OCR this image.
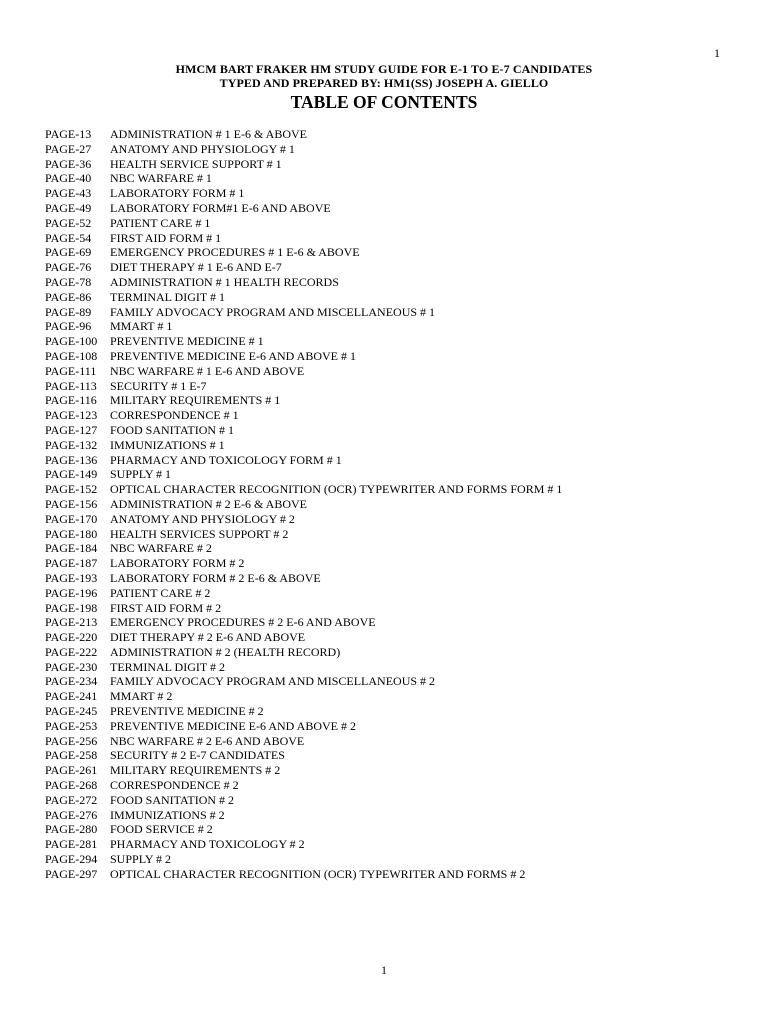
1
HMCM BART FRAKER HM STUDY GUIDE FOR E-1 TO E-7 CANDIDATES
TYPED AND PREPARED BY: HM1(SS) JOSEPH A. GIELLO
TABLE OF CONTENTS
PAGE-13	ADMINISTRATION # 1 E-6 & ABOVE
PAGE-27	ANATOMY AND PHYSIOLOGY # 1
PAGE-36	HEALTH SERVICE SUPPORT # 1
PAGE-40	NBC WARFARE # 1
PAGE-43	LABORATORY FORM # 1
PAGE-49	LABORATORY FORM#1 E-6 AND ABOVE
PAGE-52	PATIENT CARE # 1
PAGE-54	FIRST AID FORM # 1
PAGE-69	EMERGENCY PROCEDURES # 1 E-6 & ABOVE
PAGE-76	DIET THERAPY # 1 E-6 AND E-7
PAGE-78	ADMINISTRATION # 1 HEALTH RECORDS
PAGE-86	TERMINAL DIGIT # 1
PAGE-89	FAMILY ADVOCACY PROGRAM AND MISCELLANEOUS # 1
PAGE-96	MMART # 1
PAGE-100	PREVENTIVE MEDICINE # 1
PAGE-108	PREVENTIVE MEDICINE E-6 AND ABOVE # 1
PAGE-111	NBC WARFARE # 1 E-6 AND ABOVE
PAGE-113	SECURITY # 1 E-7
PAGE-116	MILITARY REQUIREMENTS # 1
PAGE-123	CORRESPONDENCE # 1
PAGE-127	FOOD SANITATION # 1
PAGE-132	IMMUNIZATIONS # 1
PAGE-136	PHARMACY AND TOXICOLOGY FORM # 1
PAGE-149	SUPPLY # 1
PAGE-152	OPTICAL CHARACTER RECOGNITION (OCR) TYPEWRITER AND FORMS FORM # 1
PAGE-156	ADMINISTRATION # 2 E-6 & ABOVE
PAGE-170	ANATOMY AND PHYSIOLOGY # 2
PAGE-180	HEALTH SERVICES SUPPORT # 2
PAGE-184	NBC WARFARE # 2
PAGE-187	LABORATORY FORM # 2
PAGE-193	LABORATORY FORM # 2 E-6 & ABOVE
PAGE-196	PATIENT CARE # 2
PAGE-198	FIRST AID FORM # 2
PAGE-213	EMERGENCY PROCEDURES # 2 E-6 AND ABOVE
PAGE-220	DIET THERAPY # 2 E-6 AND ABOVE
PAGE-222	ADMINISTRATION # 2 (HEALTH RECORD)
PAGE-230	TERMINAL DIGIT # 2
PAGE-234	FAMILY ADVOCACY PROGRAM AND MISCELLANEOUS # 2
PAGE-241	MMART # 2
PAGE-245	PREVENTIVE MEDICINE # 2
PAGE-253	PREVENTIVE MEDICINE E-6 AND ABOVE # 2
PAGE-256	NBC WARFARE # 2 E-6 AND ABOVE
PAGE-258	SECURITY # 2 E-7 CANDIDATES
PAGE-261	MILITARY REQUIREMENTS # 2
PAGE-268	CORRESPONDENCE # 2
PAGE-272	FOOD SANITATION # 2
PAGE-276	IMMUNIZATIONS # 2
PAGE-280	FOOD SERVICE # 2
PAGE-281	PHARMACY AND TOXICOLOGY # 2
PAGE-294	SUPPLY # 2
PAGE-297	OPTICAL CHARACTER RECOGNITION (OCR) TYPEWRITER AND FORMS # 2
1
